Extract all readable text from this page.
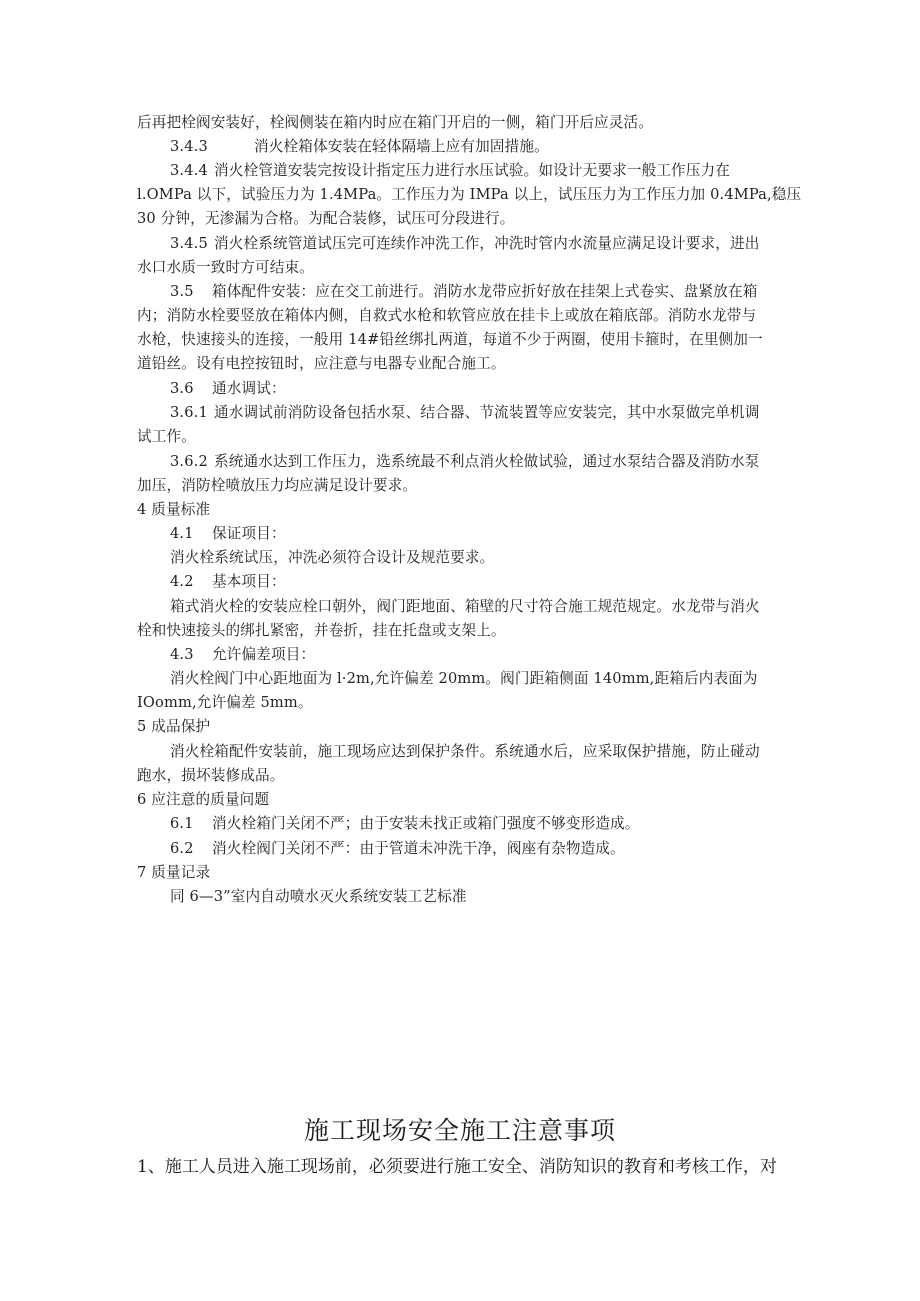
后再把栓阀安装好，栓阀侧装在箱内时应在箱门开启的一侧，箱门开后应灵活。
3.4.3	消火栓箱体安装在轻体隔墙上应有加固措施。
3.4.4 消火栓管道安装完按设计指定压力进行水压试验。如设计无要求一般工作压力在
l.OMPa 以下，试验压力为 1.4MPa。工作压力为 IMPa 以上，试压压力为工作压力加 0.4MPa,稳压
30 分钟，无渗漏为合格。为配合装修，试压可分段进行。
3.4.5 消火栓系统管道试压完可连续作冲洗工作，冲洗时管内水流量应满足设计要求，进出
水口水质一致时方可结束。
3.5 箱体配件安装：应在交工前进行。消防水龙带应折好放在挂架上式卷实、盘紧放在箱
内；消防水栓要竖放在箱体内侧，自救式水枪和软管应放在挂卡上或放在箱底部。消防水龙带与
水枪，快速接头的连接，一般用 14#铅丝绑扎两道，每道不少于两圈，使用卡箍时，在里侧加一
道铅丝。设有电控按钮时，应注意与电器专业配合施工。
3.6 通水调试：
3.6.1 通水调试前消防设备包括水泵、结合器、节流装置等应安装完，其中水泵做完单机调
试工作。
3.6.2 系统通水达到工作压力，选系统最不利点消火栓做试验，通过水泵结合器及消防水泵
加压，消防栓喷放压力均应满足设计要求。
4 质量标准
4.1 保证项目：
消火栓系统试压，冲洗必须符合设计及规范要求。
4.2 基本项目：
箱式消火栓的安装应栓口朝外，阀门距地面、箱壁的尺寸符合施工规范规定。水龙带与消火
栓和快速接头的绑扎紧密，并卷折，挂在托盘或支架上。
4.3 允许偏差项目：
消火栓阀门中心距地面为 l·2m,允许偏差 20mm。阀门距箱侧面 140mm,距箱后内表面为
IOomm,允许偏差 5mm。
5 成品保护
消火栓箱配件安装前，施工现场应达到保护条件。系统通水后，应采取保护措施，防止碰动
跑水，损坏装修成品。
6 应注意的质量问题
6.1 消火栓箱门关闭不严；由于安装未找正或箱门强度不够变形造成。
6.2 消火栓阀门关闭不严：由于管道未冲洗干净，阀座有杂物造成。
7 质量记录
同 6—3”室内自动喷水灭火系统安装工艺标准
施工现场安全施工注意事项
1、施工人员进入施工现场前，必须要进行施工安全、消防知识的教育和考核工作，对
